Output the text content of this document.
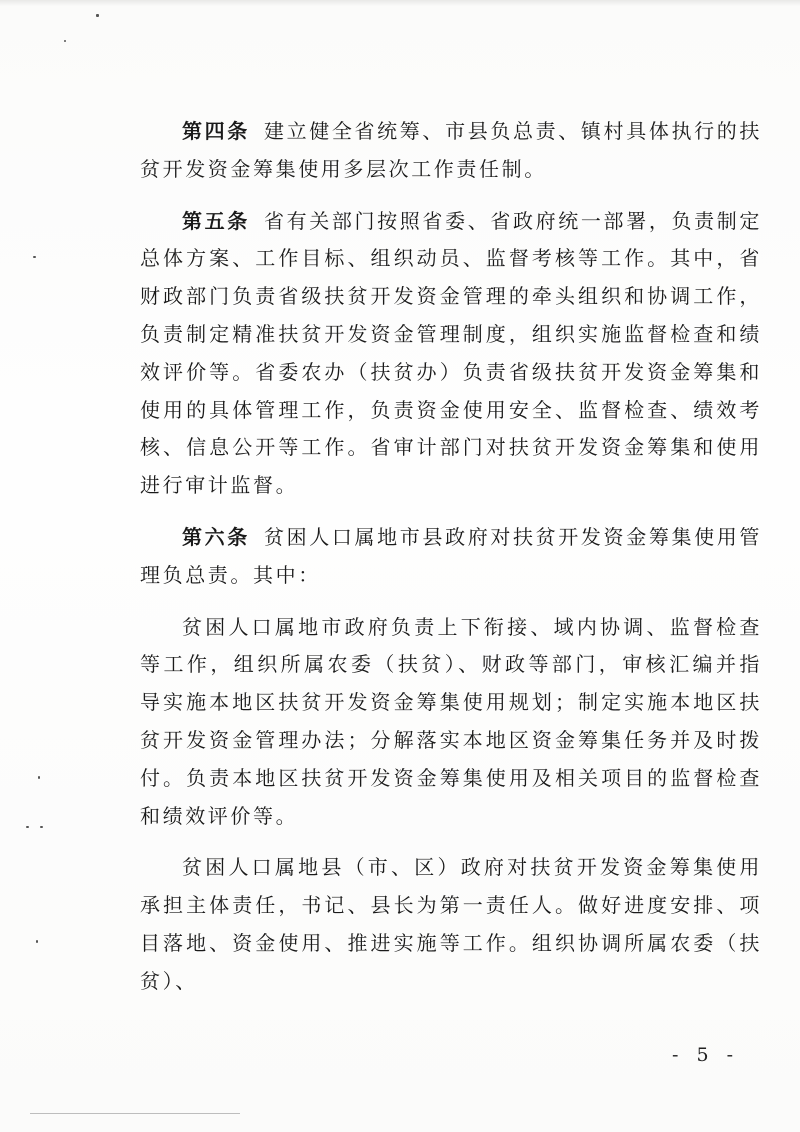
第四条 建立健全省统筹、市县负总责、镇村具体执行的扶贫开发资金筹集使用多层次工作责任制。

第五条 省有关部门按照省委、省政府统一部署，负责制定总体方案、工作目标、组织动员、监督考核等工作。其中，省财政部门负责省级扶贫开发资金管理的牵头组织和协调工作，负责制定精准扶贫开发资金管理制度，组织实施监督检查和绩效评价等。省委农办（扶贫办）负责省级扶贫开发资金筹集和使用的具体管理工作，负责资金使用安全、监督检查、绩效考核、信息公开等工作。省审计部门对扶贫开发资金筹集和使用进行审计监督。

第六条 贫困人口属地市县政府对扶贫开发资金筹集使用管理负总责。其中：

贫困人口属地市政府负责上下衔接、域内协调、监督检查等工作，组织所属农委（扶贫）、财政等部门，审核汇编并指导实施本地区扶贫开发资金筹集使用规划；制定实施本地区扶贫开发资金管理办法；分解落实本地区资金筹集任务并及时拨付。负责本地区扶贫开发资金筹集使用及相关项目的监督检查和绩效评价等。

贫困人口属地县（市、区）政府对扶贫开发资金筹集使用承担主体责任，书记、县长为第一责任人。做好进度安排、项目落地、资金使用、推进实施等工作。组织协调所属农委（扶贫）、

- 5 -
